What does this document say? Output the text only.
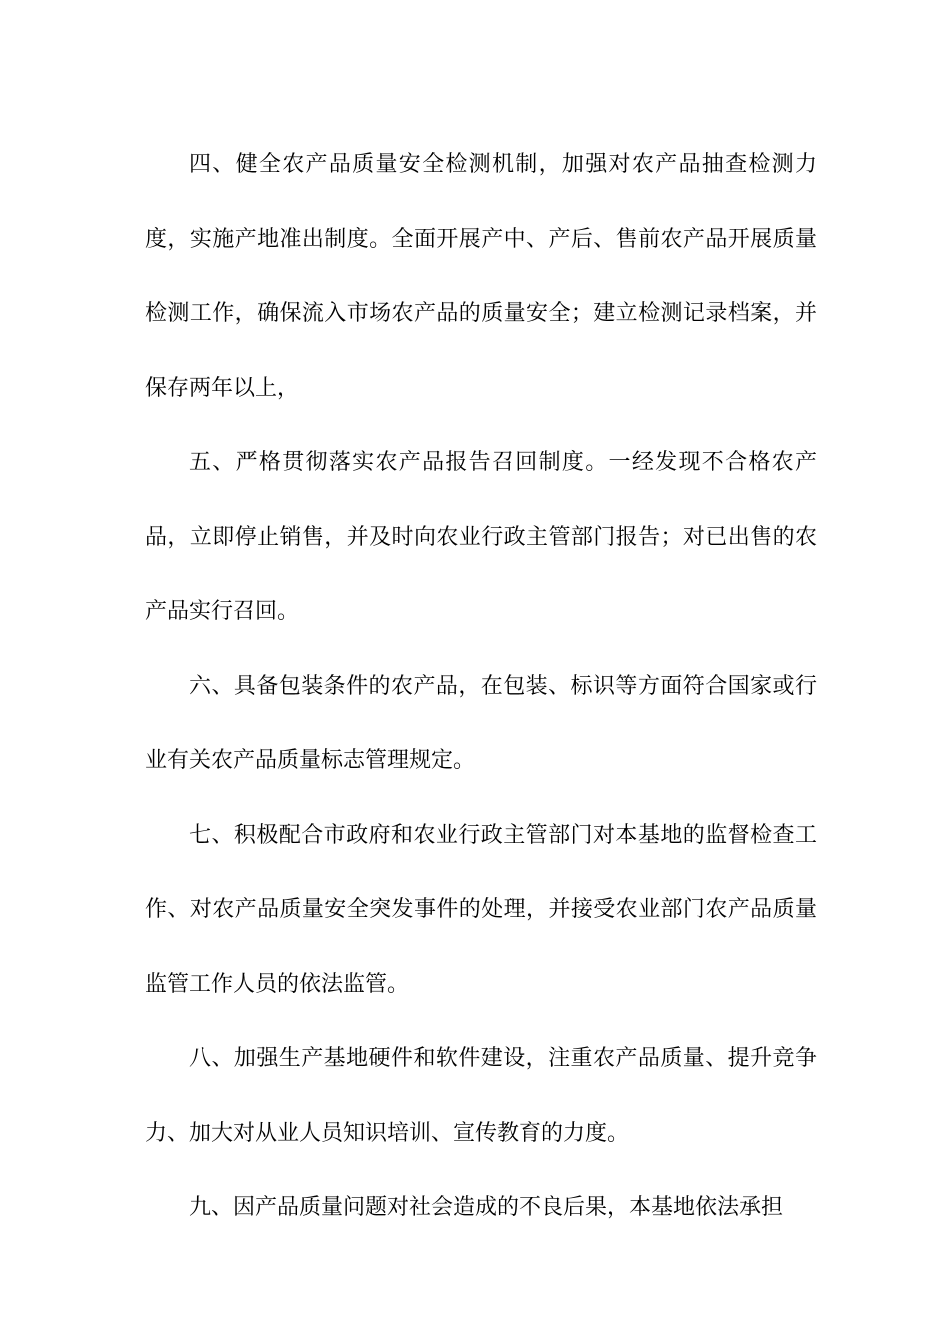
四、健全农产品质量安全检测机制，加强对农产品抽查检测力度，实施产地准出制度。全面开展产中、产后、售前农产品开展质量检测工作，确保流入市场农产品的质量安全；建立检测记录档案，并保存两年以上，

五、严格贯彻落实农产品报告召回制度。一经发现不合格农产品，立即停止销售，并及时向农业行政主管部门报告；对已出售的农产品实行召回。

六、具备包装条件的农产品，在包装、标识等方面符合国家或行业有关农产品质量标志管理规定。

七、积极配合市政府和农业行政主管部门对本基地的监督检查工作、对农产品质量安全突发事件的处理，并接受农业部门农产品质量监管工作人员的依法监管。

八、加强生产基地硬件和软件建设，注重农产品质量、提升竞争力、加大对从业人员知识培训、宣传教育的力度。

九、因产品质量问题对社会造成的不良后果，本基地依法承担
